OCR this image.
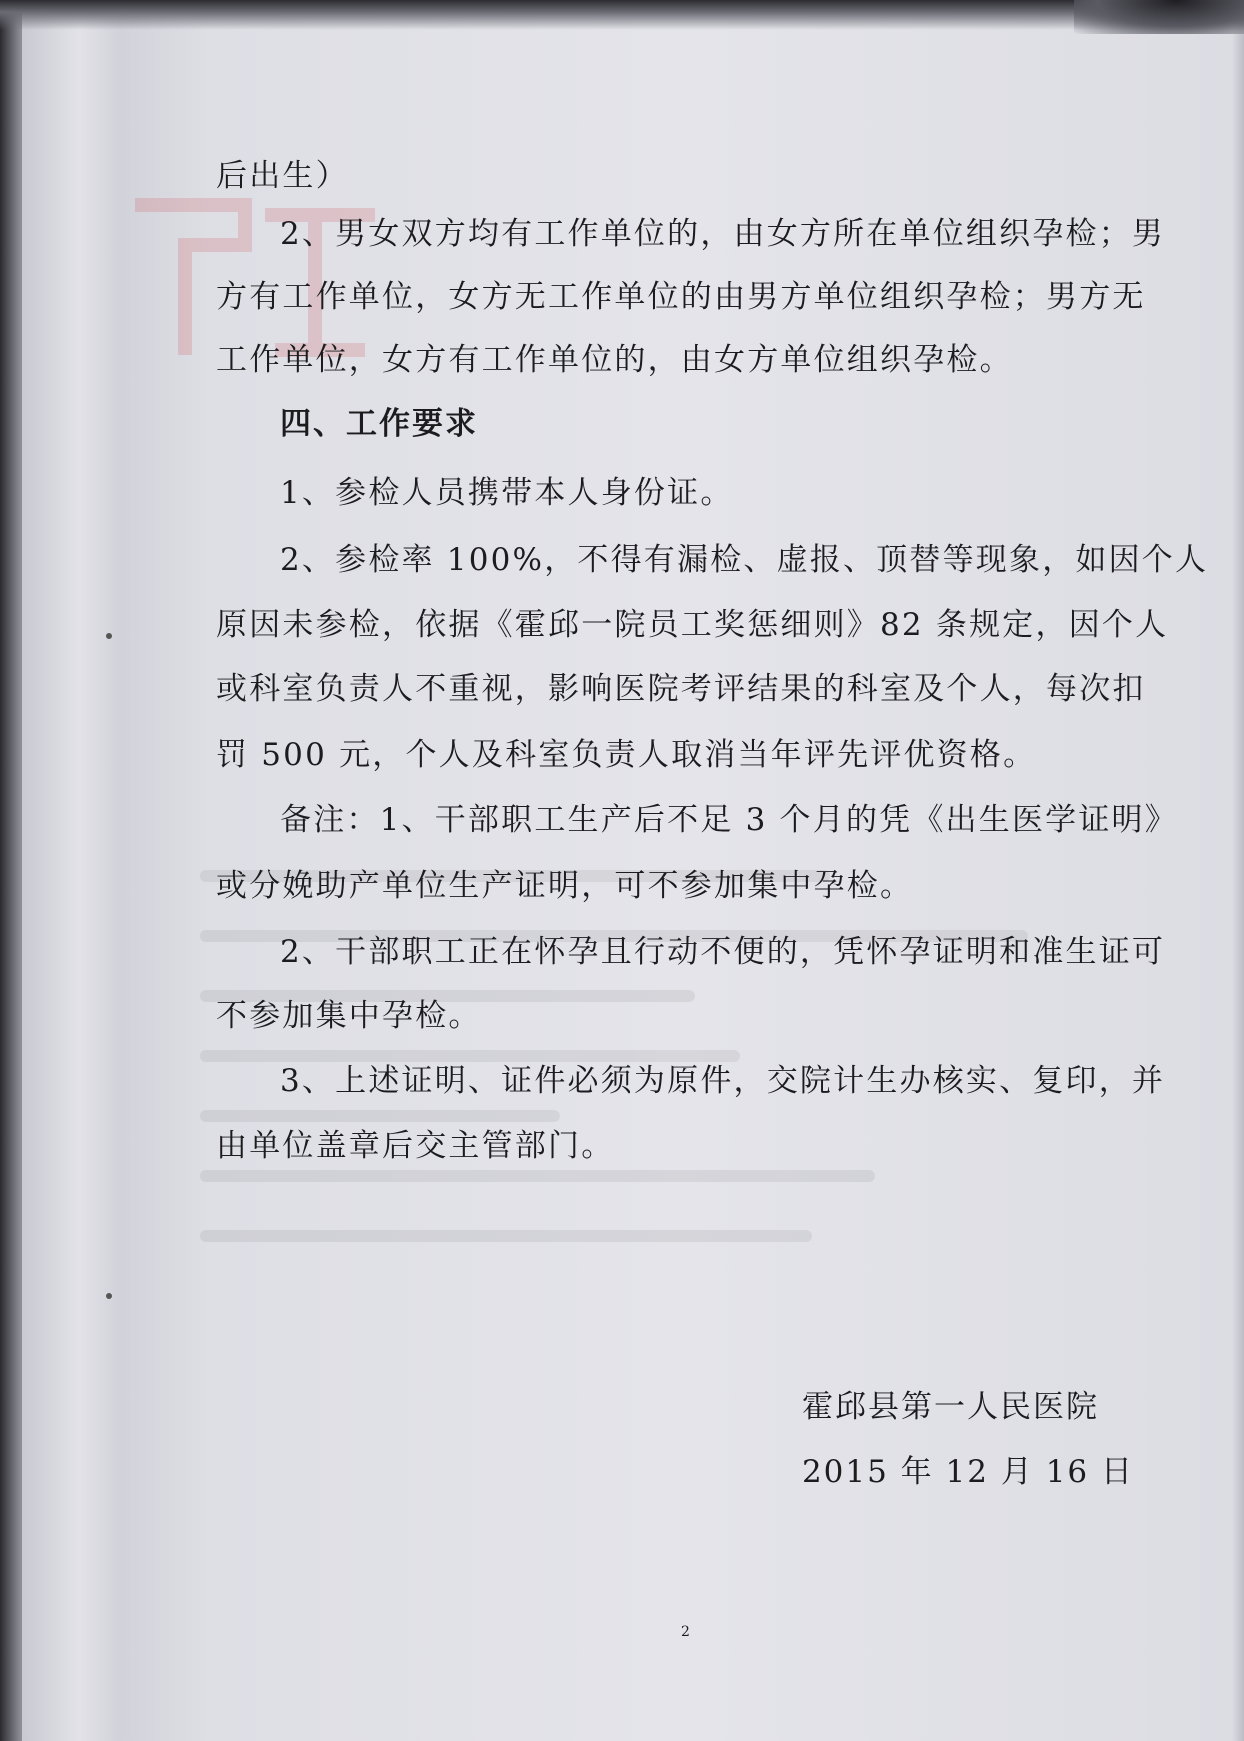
后出生）
2、男女双方均有工作单位的，由女方所在单位组织孕检；男
方有工作单位，女方无工作单位的由男方单位组织孕检；男方无
工作单位，女方有工作单位的，由女方单位组织孕检。
四、工作要求
1、参检人员携带本人身份证。
2、参检率 100%，不得有漏检、虚报、顶替等现象，如因个人
原因未参检，依据《霍邱一院员工奖惩细则》82 条规定，因个人
或科室负责人不重视，影响医院考评结果的科室及个人，每次扣
罚 500 元，个人及科室负责人取消当年评先评优资格。
备注：1、干部职工生产后不足 3 个月的凭《出生医学证明》
或分娩助产单位生产证明，可不参加集中孕检。
2、干部职工正在怀孕且行动不便的，凭怀孕证明和准生证可
不参加集中孕检。
3、上述证明、证件必须为原件，交院计生办核实、复印，并
由单位盖章后交主管部门。
霍邱县第一人民医院
2015 年 12 月 16 日
2
